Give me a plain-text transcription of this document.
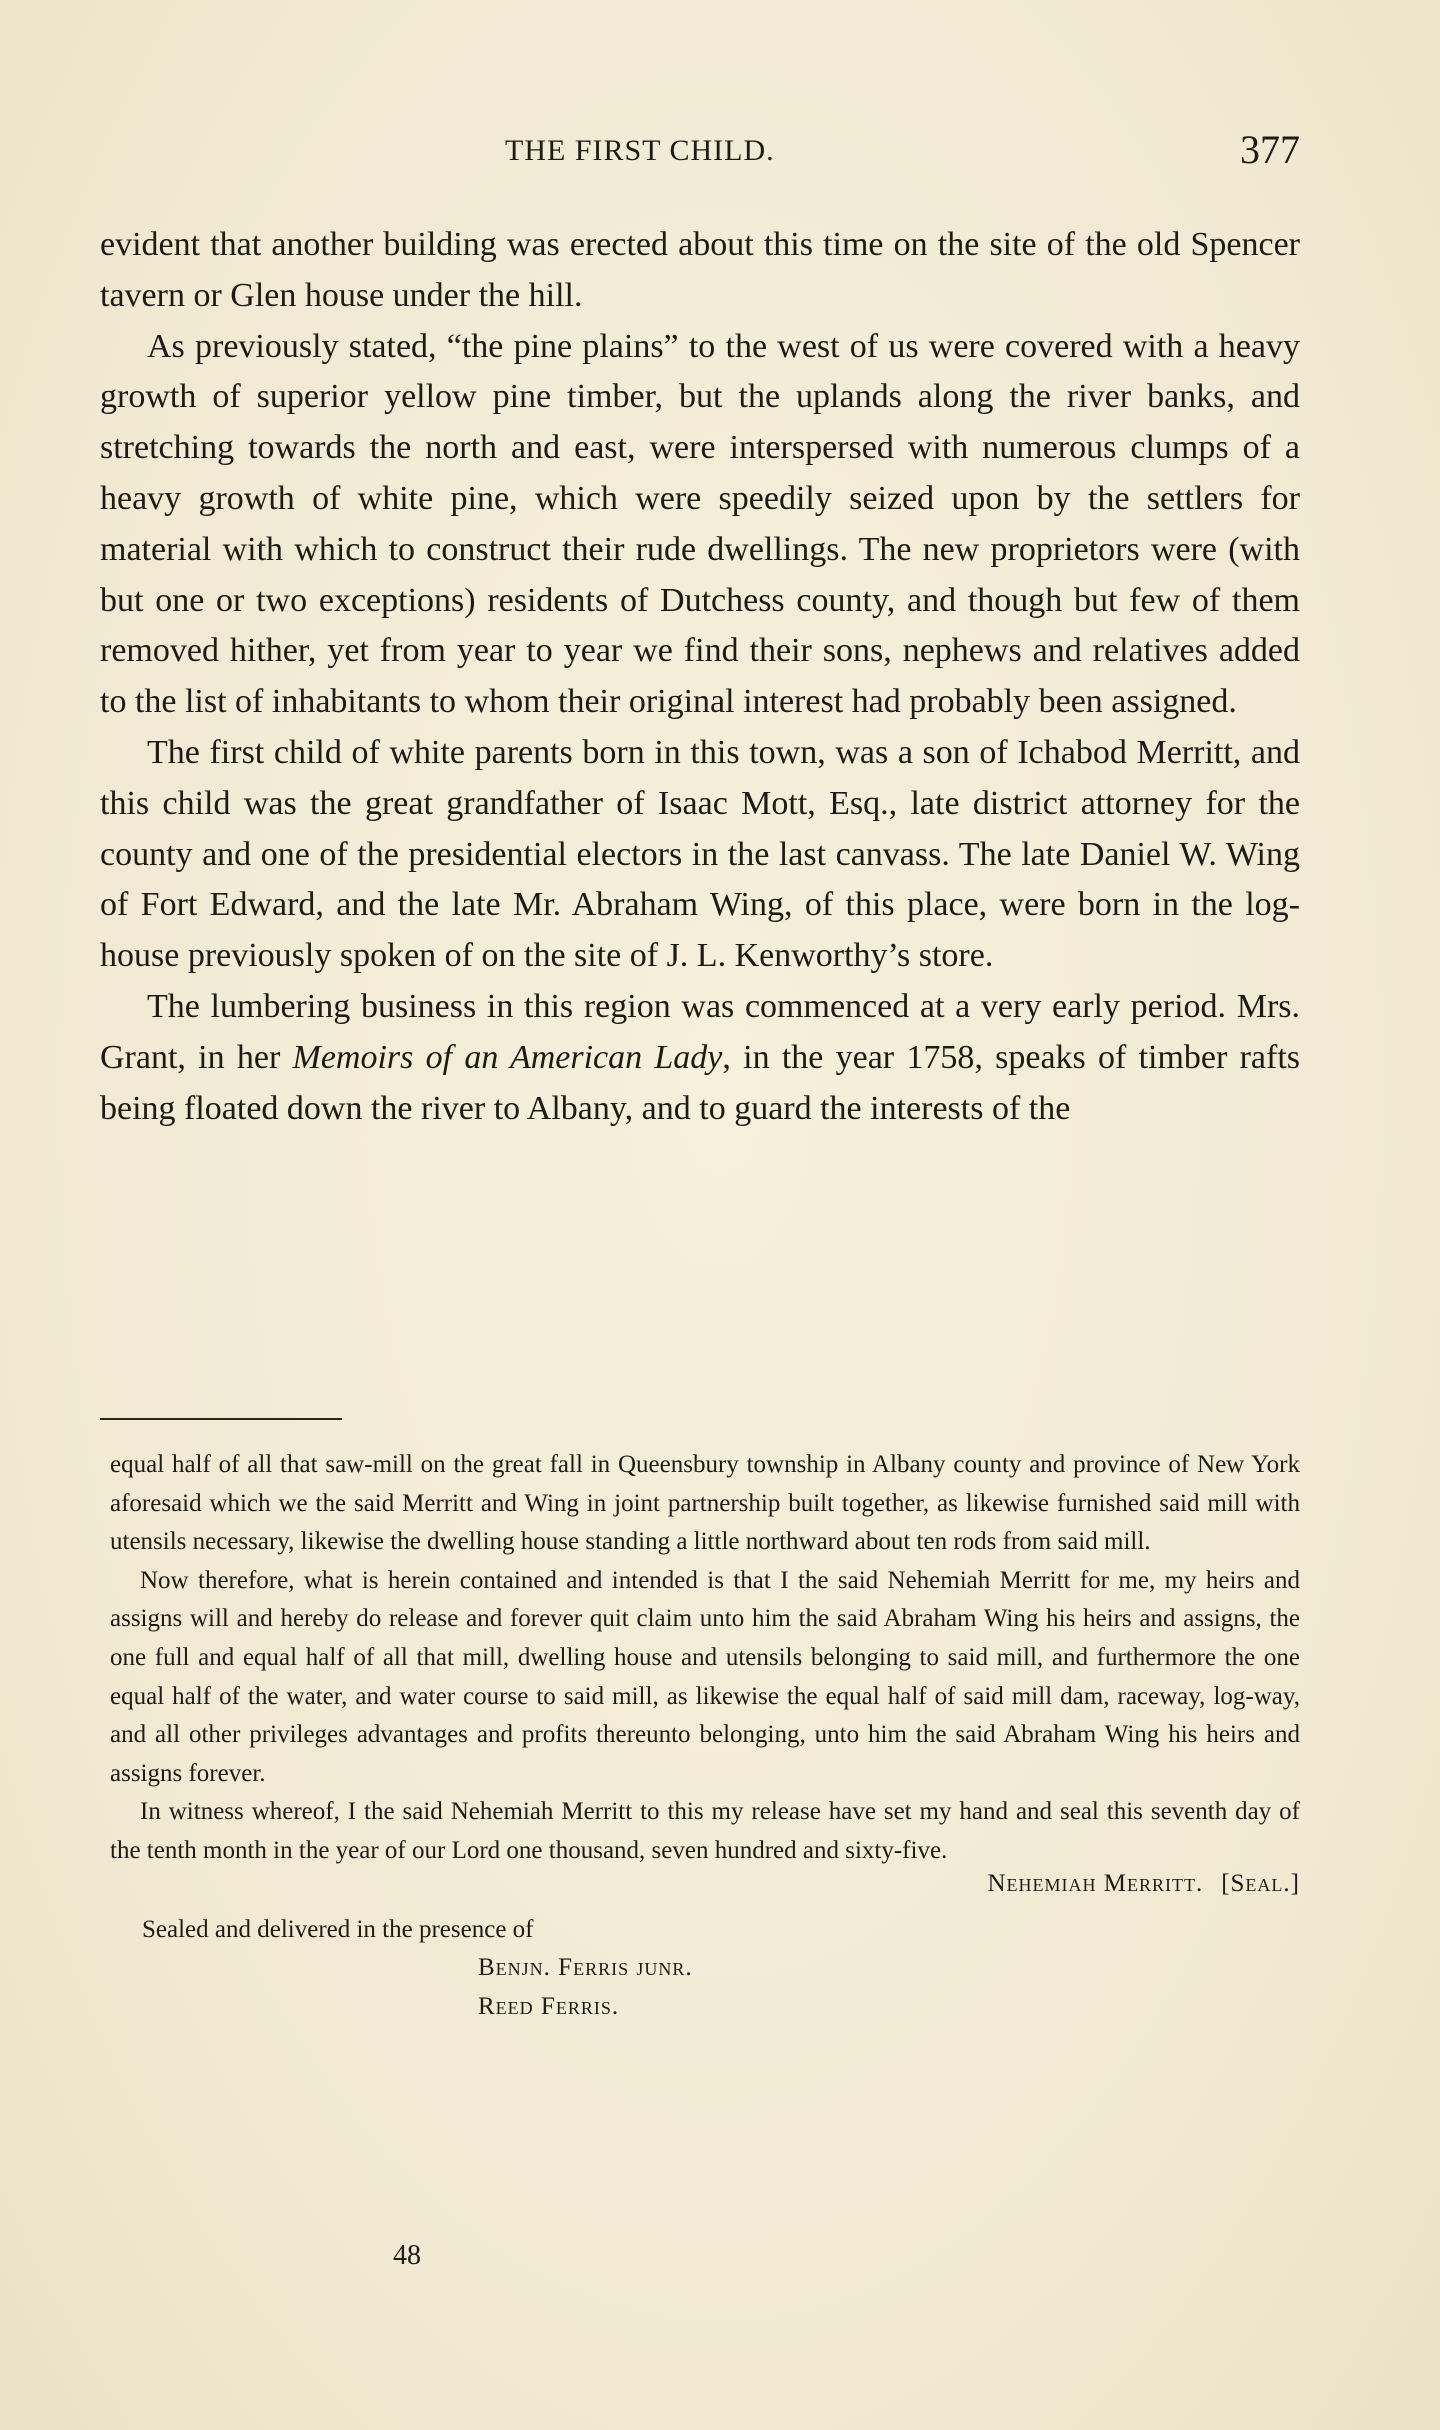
THE FIRST CHILD.	377

evident that another building was erected about this time on the site of the old Spencer tavern or Glen house under the hill.

As previously stated, “the pine plains” to the west of us were covered with a heavy growth of superior yellow pine timber, but the uplands along the river banks, and stretching towards the north and east, were interspersed with numerous clumps of a heavy growth of white pine, which were speedily seized upon by the settlers for material with which to construct their rude dwellings. The new proprietors were (with but one or two exceptions) residents of Dutchess county, and though but few of them removed hither, yet from year to year we find their sons, nephews and relatives added to the list of inhabitants to whom their original interest had probably been assigned.

The first child of white parents born in this town, was a son of Ichabod Merritt, and this child was the great grandfather of Isaac Mott, Esq., late district attorney for the county and one of the presidential electors in the last canvass. The late Daniel W. Wing of Fort Edward, and the late Mr. Abraham Wing, of this place, were born in the log-house previously spoken of on the site of J. L. Kenworthy’s store.

The lumbering business in this region was commenced at a very early period. Mrs. Grant, in her Memoirs of an American Lady, in the year 1758, speaks of timber rafts being floated down the river to Albany, and to guard the interests of the

equal half of all that saw-mill on the great fall in Queensbury township in Albany county and province of New York aforesaid which we the said Merritt and Wing in joint partnership built together, as likewise furnished said mill with utensils necessary, likewise the dwelling house standing a little northward about ten rods from said mill.

Now therefore, what is herein contained and intended is that I the said Nehemiah Merritt for me, my heirs and assigns will and hereby do release and forever quit claim unto him the said Abraham Wing his heirs and assigns, the one full and equal half of all that mill, dwelling house and utensils belonging to said mill, and furthermore the one equal half of the water, and water course to said mill, as likewise the equal half of said mill dam, raceway, log-way, and all other privileges advantages and profits thereunto belonging, unto him the said Abraham Wing his heirs and assigns forever.

In witness whereof, I the said Nehemiah Merritt to this my release have set my hand and seal this seventh day of the tenth month in the year of our Lord one thousand, seven hundred and sixty-five.

Nehemiah Merritt. [Seal.]

Sealed and delivered in the presence of

Benjn. Ferris junr.

Reed Ferris.

48
